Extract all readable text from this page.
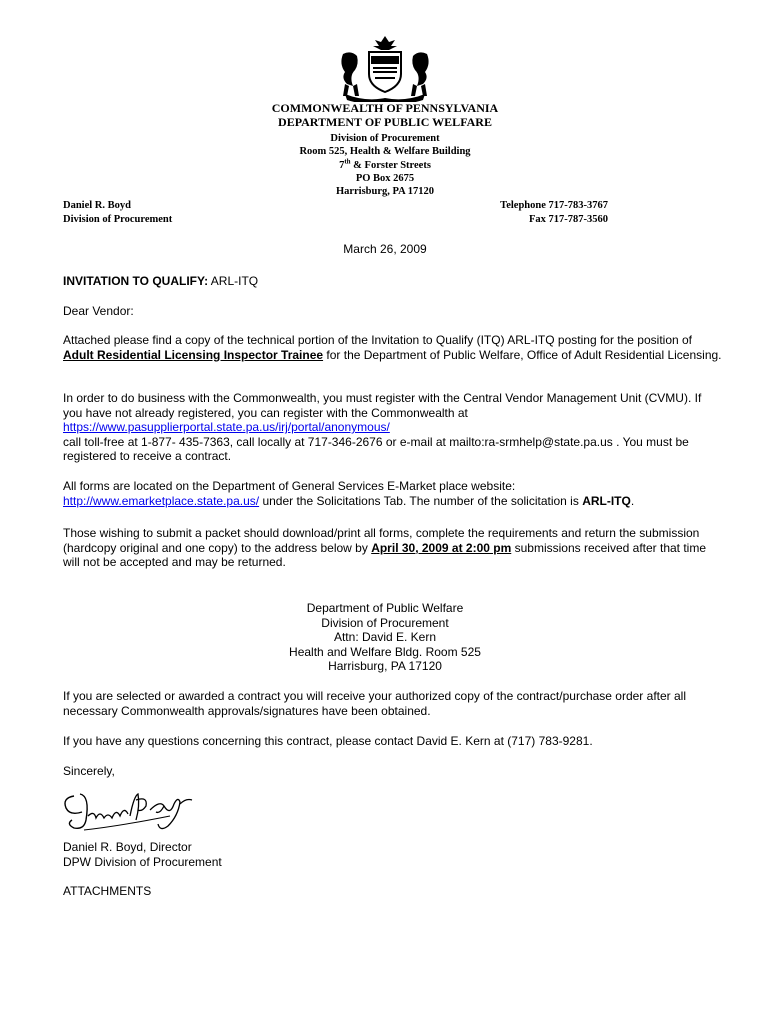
COMMONWEALTH OF PENNSYLVANIA
DEPARTMENT OF PUBLIC WELFARE
Division of Procurement
Room 525, Health & Welfare Building
7th & Forster Streets
PO Box 2675
Harrisburg, PA 17120
Daniel R. Boyd
Division of Procurement
Telephone 717-783-3767
Fax 717-787-3560
March 26, 2009
INVITATION TO QUALIFY: ARL-ITQ
Dear Vendor:
Attached please find a copy of the technical portion of the Invitation to Qualify (ITQ) ARL-ITQ posting for the position of Adult Residential Licensing Inspector Trainee for the Department of Public Welfare, Office of Adult Residential Licensing.
In order to do business with the Commonwealth, you must register with the Central Vendor Management Unit (CVMU). If you have not already registered, you can register with the Commonwealth at
https://www.pasupplierportal.state.pa.us/irj/portal/anonymous/
call toll-free at 1-877- 435-7363, call locally at 717-346-2676 or e-mail at mailto:ra-srmhelp@state.pa.us . You must be registered to receive a contract.
All forms are located on the Department of General Services E-Market place website:
http://www.emarketplace.state.pa.us/ under the Solicitations Tab. The number of the solicitation is ARL-ITQ.
Those wishing to submit a packet should download/print all forms, complete the requirements and return the submission (hardcopy original and one copy) to the address below by April 30, 2009 at 2:00 pm submissions received after that time will not be accepted and may be returned.
Department of Public Welfare
Division of Procurement
Attn: David E. Kern
Health and Welfare Bldg. Room 525
Harrisburg, PA 17120
If you are selected or awarded a contract you will receive your authorized copy of the contract/purchase order after all necessary Commonwealth approvals/signatures have been obtained.
If you have any questions concerning this contract, please contact David E. Kern at (717) 783-9281.
Sincerely,
Daniel R. Boyd, Director
DPW Division of Procurement
ATTACHMENTS
